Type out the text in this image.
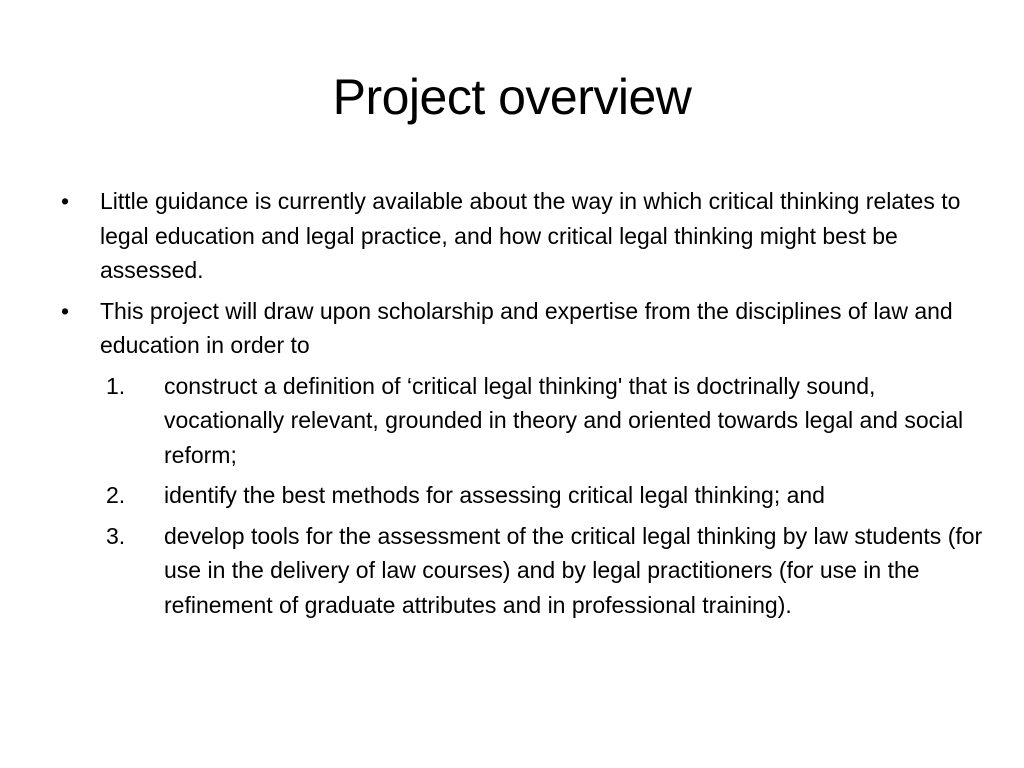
Project overview
•	Little guidance is currently available about the way in which critical thinking relates to legal education and legal practice, and how critical legal thinking might best be assessed.
•	This project will draw upon scholarship and expertise from the disciplines of law and education in order to
1.	construct a definition of ‘critical legal thinking' that is doctrinally sound, vocationally relevant, grounded in theory and oriented towards legal and social reform;
2.	identify the best methods for assessing critical legal thinking; and
3.	develop tools for the assessment of the critical legal thinking by law students (for use in the delivery of law courses) and by legal practitioners (for use in the refinement of graduate attributes and in professional training).
